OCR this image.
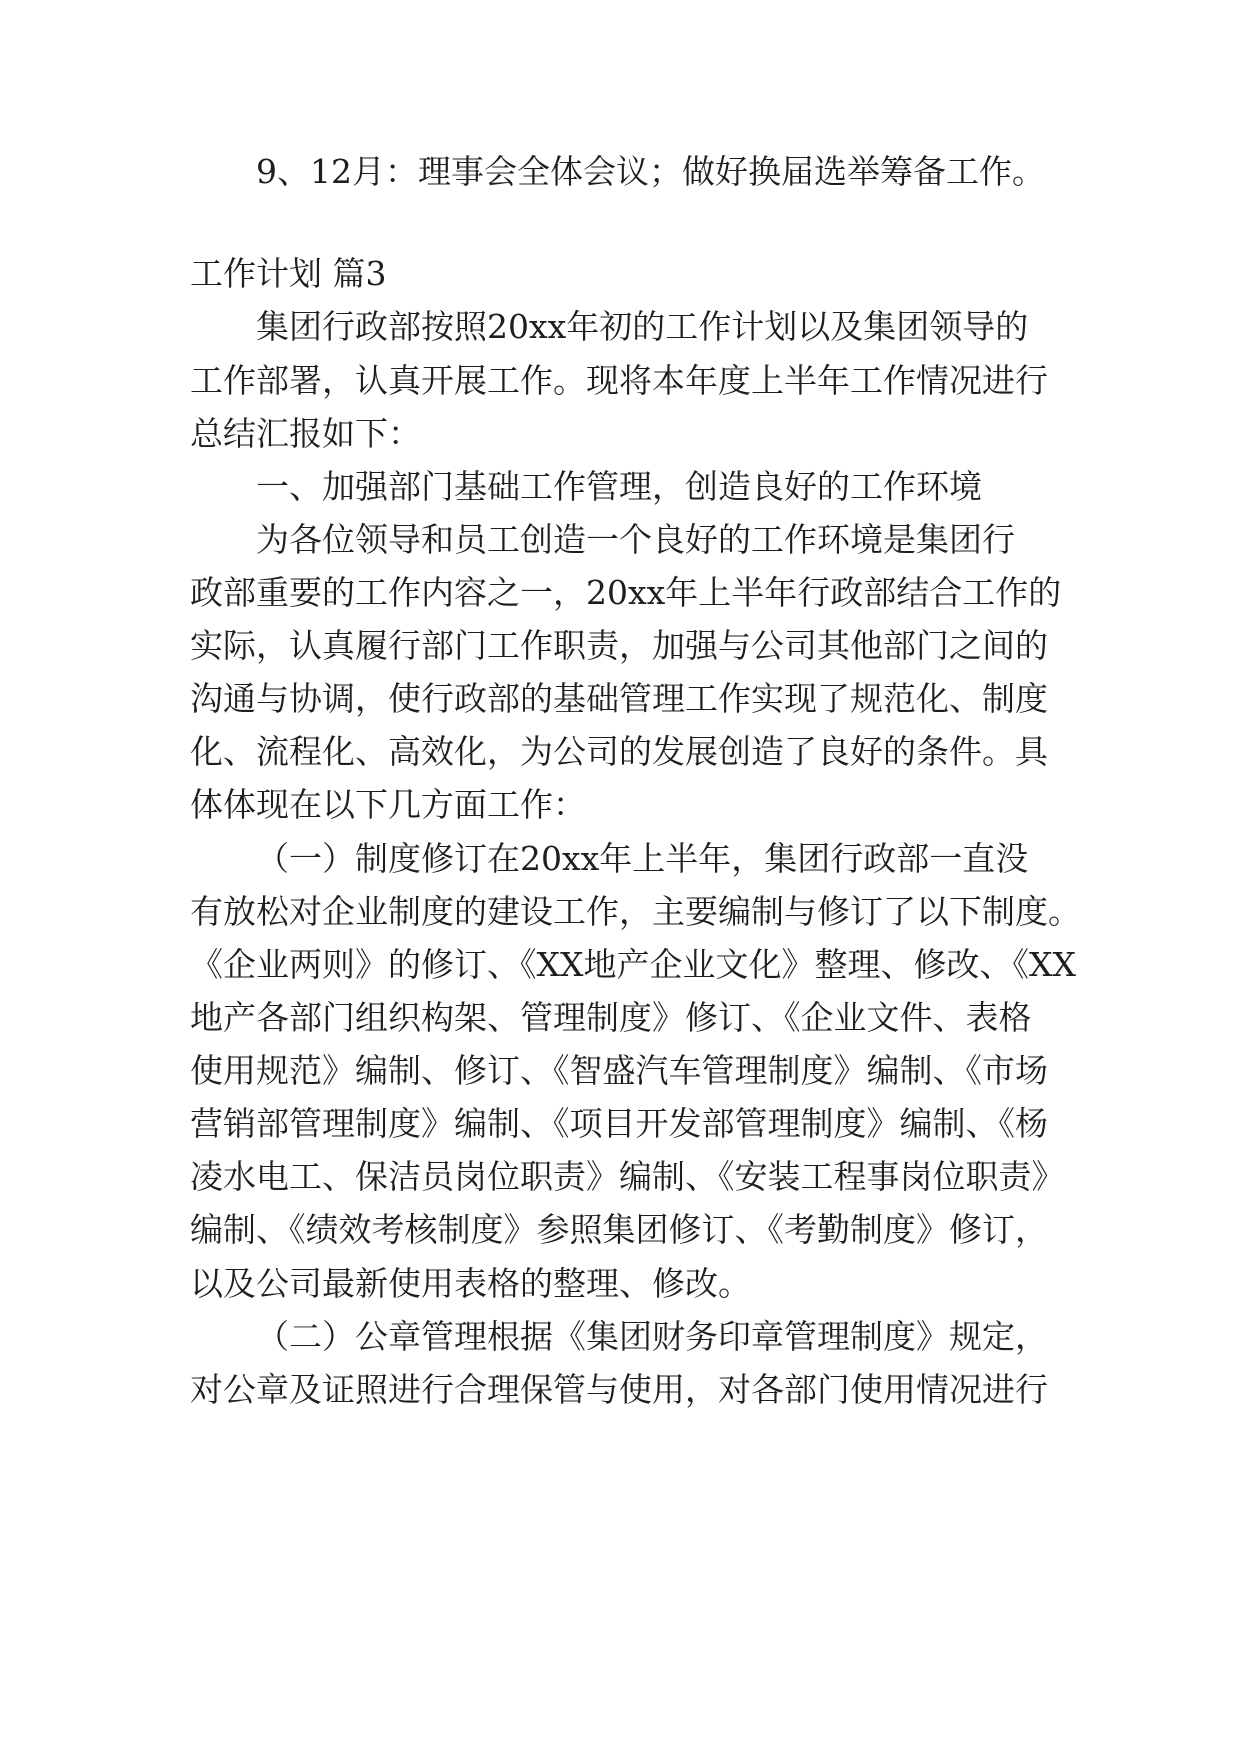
9、12月：理事会全体会议；做好换届选举筹备工作。
工作计划 篇3
集团行政部按照20xx年初的工作计划以及集团领导的
工作部署，认真开展工作。现将本年度上半年工作情况进行
总结汇报如下：
一、加强部门基础工作管理，创造良好的工作环境
为各位领导和员工创造一个良好的工作环境是集团行
政部重要的工作内容之一，20xx年上半年行政部结合工作的
实际，认真履行部门工作职责，加强与公司其他部门之间的
沟通与协调，使行政部的基础管理工作实现了规范化、制度
化、流程化、高效化，为公司的发展创造了良好的条件。具
体体现在以下几方面工作：
（一）制度修订在20xx年上半年，集团行政部一直没
有放松对企业制度的建设工作，主要编制与修订了以下制度。
《企业两则》的修订、《XX地产企业文化》整理、修改、《XX
地产各部门组织构架、管理制度》修订、《企业文件、表格
使用规范》编制、修订、《智盛汽车管理制度》编制、《市场
营销部管理制度》编制、《项目开发部管理制度》编制、《杨
凌水电工、保洁员岗位职责》编制、《安装工程事岗位职责》
编制、《绩效考核制度》参照集团修订、《考勤制度》修订，
以及公司最新使用表格的整理、修改。
（二）公章管理根据《集团财务印章管理制度》规定，
对公章及证照进行合理保管与使用，对各部门使用情况进行
